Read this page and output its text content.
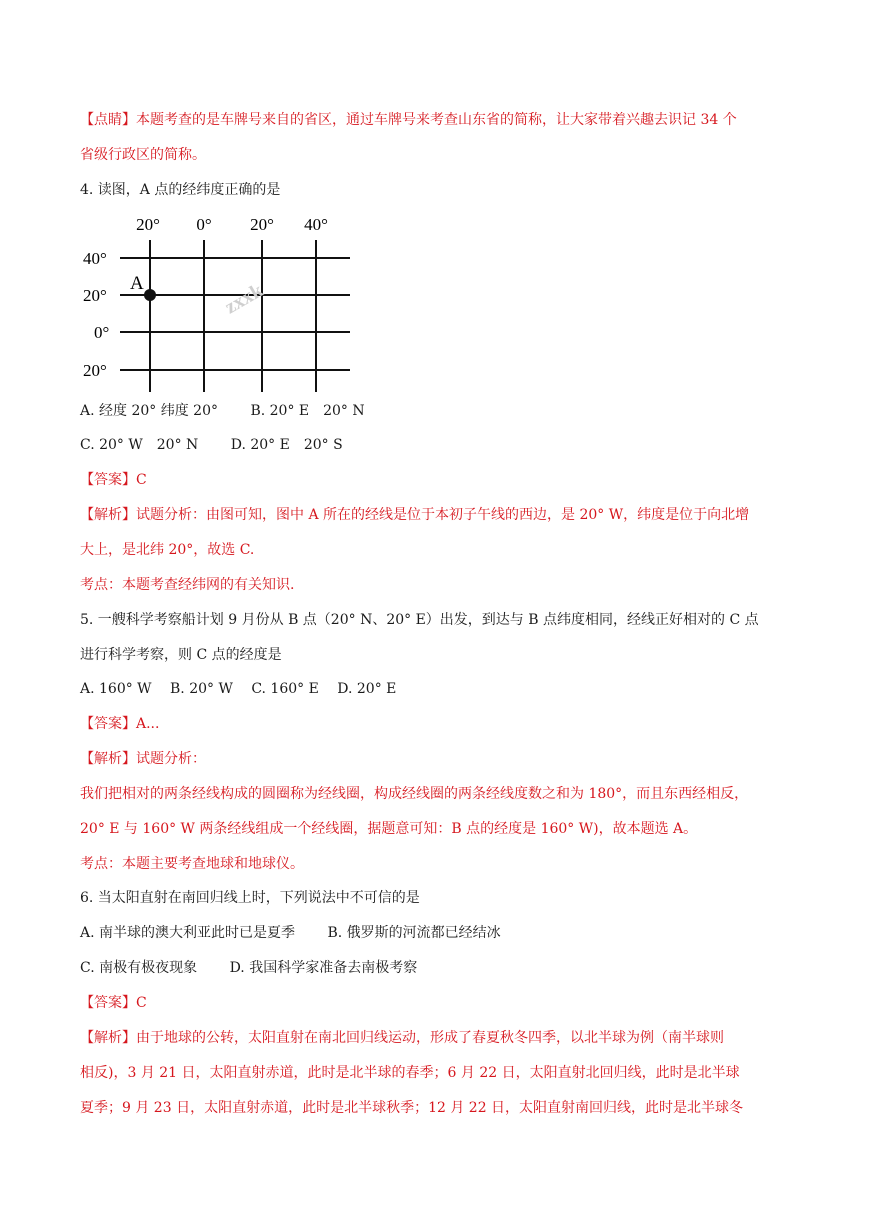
【点睛】本题考查的是车牌号来自的省区，通过车牌号来考查山东省的简称，让大家带着兴趣去识记 34 个
省级行政区的简称。
4. 读图，A 点的经纬度正确的是
20° 0° 20° 40°
40°
20°
0°
20°
A	zxxk
A. 经度 20° 纬度 20°　　 B. 20° E　20° N
C. 20° W　20° N　　 D. 20° E　20° S
【答案】C
【解析】试题分析：由图可知，图中 A 所在的经线是位于本初子午线的西边，是 20° W，纬度是位于向北增
大上，是北纬 20°，故选 C.
考点：本题考查经纬网的有关知识.
5. 一艘科学考察船计划 9 月份从 B 点（20° N、20° E）出发，到达与 B 点纬度相同，经线正好相对的 C 点
进行科学考察，则 C 点的经度是
A. 160° W　 B. 20° W　 C. 160° E　 D. 20° E
【答案】A...
【解析】试题分析：
我们把相对的两条经线构成的圆圈称为经线圈，构成经线圈的两条经线度数之和为 180°，而且东西经相反，
20° E 与 160° W 两条经线组成一个经线圈，据题意可知：B 点的经度是 160° W)，故本题选 A。
考点：本题主要考查地球和地球仪。
6. 当太阳直射在南回归线上时，下列说法中不可信的是
A. 南半球的澳大利亚此时已是夏季　　 B. 俄罗斯的河流都已经结冰
C. 南极有极夜现象　　 D. 我国科学家准备去南极考察
【答案】C
【解析】由于地球的公转，太阳直射在南北回归线运动，形成了春夏秋冬四季，以北半球为例（南半球则
相反)，3 月 21 日，太阳直射赤道，此时是北半球的春季；6 月 22 日，太阳直射北回归线，此时是北半球
夏季；9 月 23 日，太阳直射赤道，此时是北半球秋季；12 月 22 日，太阳直射南回归线，此时是北半球冬
